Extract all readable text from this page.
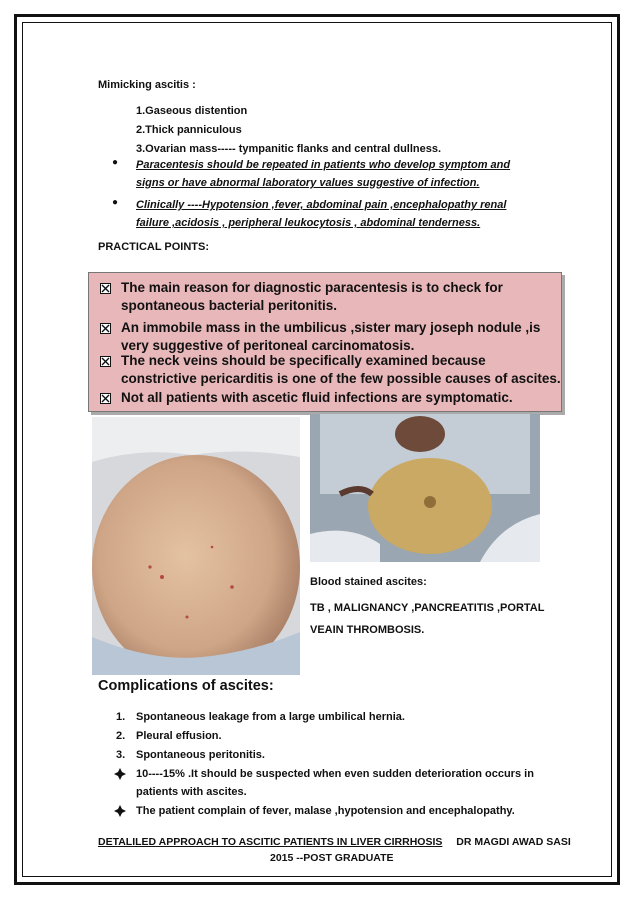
Mimicking ascitis :
1.Gaseous distention
2.Thick panniculous
3.Ovarian mass----- tympanitic flanks and central dullness.
● Paracentesis should be repeated in patients who develop symptom and signs or have abnormal laboratory values suggestive of infection.
● Clinically ----Hypotension ,fever, abdominal pain ,encephalopathy renal failure ,acidosis , peripheral leukocytosis , abdominal tenderness.
PRACTICAL POINTS:
The main reason for diagnostic paracentesis is to check for spontaneous bacterial peritonitis.
An immobile mass in the umbilicus ,sister mary joseph nodule ,is very suggestive of peritoneal carcinomatosis.
The neck veins should be specifically examined because constrictive pericarditis is one of the few possible causes of ascites.
Not all patients with ascetic fluid infections are symptomatic.
Blood stained ascites:
TB , MALIGNANCY ,PANCREATITIS ,PORTAL VEAIN THROMBOSIS.
Complications of ascites:
1. Spontaneous leakage from a large umbilical hernia.
2. Pleural effusion.
3. Spontaneous peritonitis.
10----15% .It should be suspected when even sudden deterioration occurs in patients with ascites.
The patient complain of fever, malase ,hypotension and encephalopathy.
DETALILED APPROACH TO ASCITIC PATIENTS IN LIVER CIRRHOSIS DR MAGDI AWAD SASI
2015 --POST GRADUATE
